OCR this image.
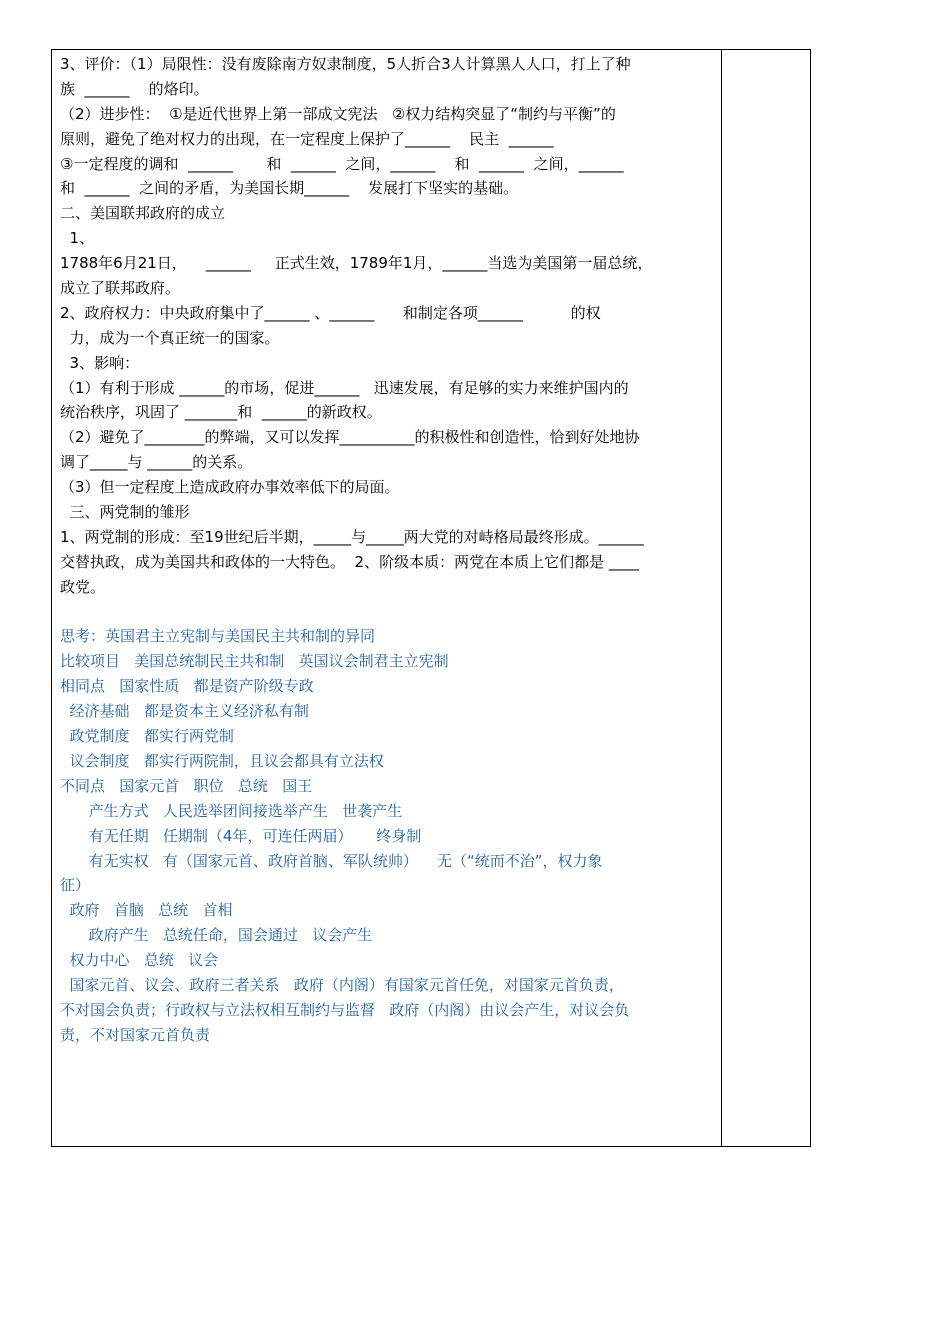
3、评价：（1）局限性：没有废除南方奴隶制度，5人折合3人计算黑人人口，打上了种
族  ______    的烙印。
（2）进步性：  ①是近代世界上第一部成文宪法   ②权力结构突显了“制约与平衡”的
原则，避免了绝对权力的出现，在一定程度上保护了______    民主  ______
③一定程度的调和  ______       和  ______  之间，______    和  ______  之间，______
和  ______  之间的矛盾，为美国长期______    发展打下坚实的基础。
二、美国联邦政府的成立
1、
1788年6月21日，    ______     正式生效，1789年1月，______当选为美国第一届总统，
成立了联邦政府。
2、政府权力：中央政府集中了______ 、______      和制定各项______          的权
力，成为一个真正统一的国家。
3、影响：
（1）有利于形成 ______的市场，促进______   迅速发展，有足够的实力来维护国内的
统治秩序，巩固了 _______和  ______的新政权。
（2）避免了________的弊端，又可以发挥__________的积极性和创造性，恰到好处地协
调了_____与 ______的关系。
（3）但一定程度上造成政府办事效率低下的局面。
三、两党制的雏形
1、两党制的形成：至19世纪后半期，_____与_____两大党的对峙格局最终形成。______
交替执政，成为美国共和政体的一大特色。  2、阶级本质：两党在本质上它们都是 ____
政党。
思考：英国君主立宪制与美国民主共和制的异同
比较项目   美国总统制民主共和制   英国议会制君主立宪制
相同点   国家性质   都是资产阶级专政
经济基础   都是资本主义经济私有制
政党制度   都实行两党制
议会制度   都实行两院制，且议会都具有立法权
不同点   国家元首   职位   总统   国王
产生方式   人民选举团间接选举产生   世袭产生
有无任期   任期制（4年，可连任两届）     终身制
有无实权   有（国家元首、政府首脑、军队统帅）    无（“统而不治”，权力象
征）
政府   首脑   总统   首相
政府产生   总统任命，国会通过   议会产生
权力中心   总统   议会
国家元首、议会、政府三者关系   政府（内阁）有国家元首任免，对国家元首负责，
不对国会负责；行政权与立法权相互制约与监督   政府（内阁）由议会产生，对议会负
责，不对国家元首负责
